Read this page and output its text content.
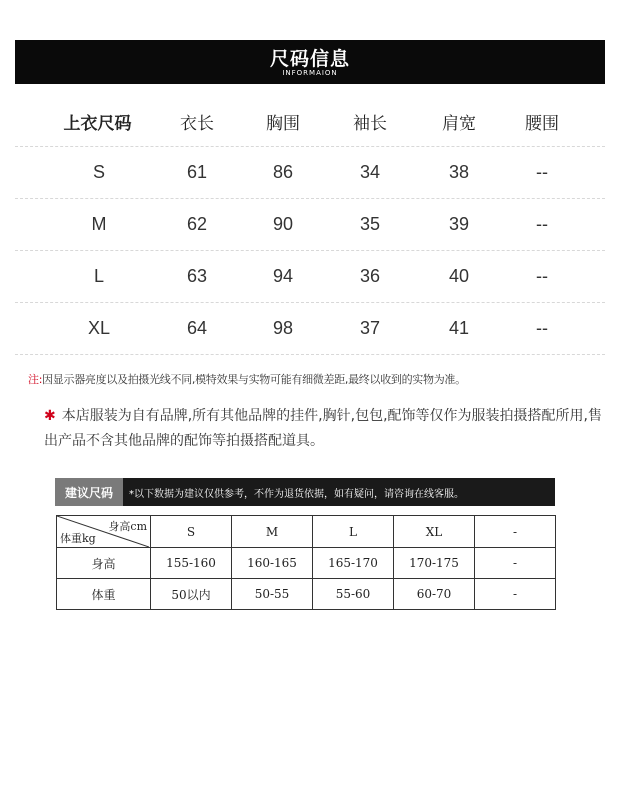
尺码信息
INFORMAION
上衣尺码	衣长	胸围	袖长	肩宽	腰围
S	61	86	34	38	--
M	62	90	35	39	--
L	63	94	36	40	--
XL	64	98	37	41	--
注:因显示器亮度以及拍摄光线不同,模特效果与实物可能有细微差距,最终以收到的实物为准。
✱ 本店服装为自有品牌,所有其他品牌的挂件,胸针,包包,配饰等仅作为服装拍摄搭配所用,售出产品不含其他品牌的配饰等拍摄搭配道具。
建议尺码	*以下数据为建议仅供参考，不作为退货依据，如有疑问，请咨询在线客服。
身高cm
体重kg	S	M	L	XL	-
身高	155-160	160-165	165-170	170-175	-
体重	50以内	50-55	55-60	60-70	-
